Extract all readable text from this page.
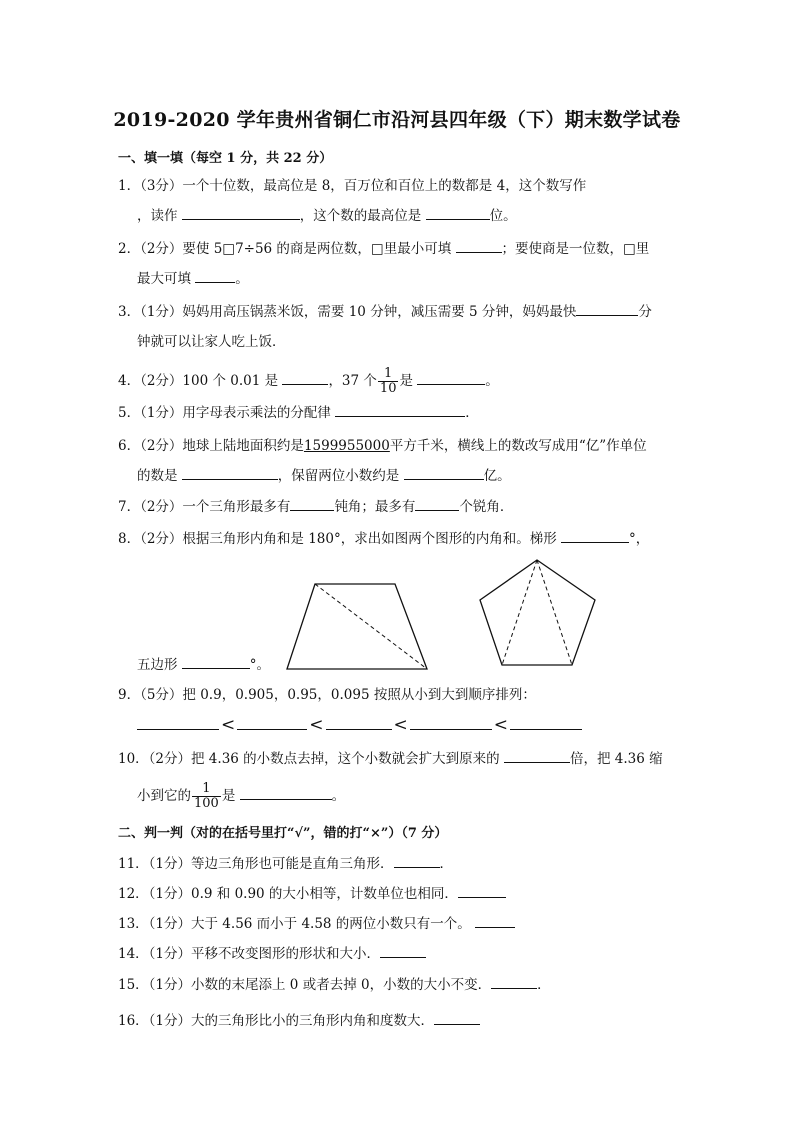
2019-2020 学年贵州省铜仁市沿河县四年级（下）期末数学试卷
一、填一填（每空 1 分，共 22 分）
1．（3分）一个十位数，最高位是 8，百万位和百位上的数都是 4，这个数写作
，读作	，这个数的最高位是	位。
2．（2分）要使 5□7÷56 的商是两位数，□里最小可填	；要使商是一位数，□里
最大可填	。
3．（1分）妈妈用高压锅蒸米饭，需要 10 分钟，减压需要 5 分钟，妈妈最快	分
钟就可以让家人吃上饭．
4．（2分）100 个 0.01 是	，37 个 $\frac{1}{10}$ 是	。
5．（1分）用字母表示乘法的分配律	．
6．（2分）地球上陆地面积约是1599955000平方千米，横线上的数改写成用“亿”作单位
的数是	，保留两位小数约是	亿。
7．（2分）一个三角形最多有	钝角；最多有	个锐角．
8．（2分）根据三角形内角和是 180°，求出如图两个图形的内角和。梯形	°，
五边形	°。
9．（5分）把 0.9，0.905，0.95，0.095 按照从小到大到顺序排列：
<	<	<	<
10．（2分）把 4.36 的小数点去掉，这个小数就会扩大到原来的	倍，把 4.36 缩
小到它的 $\frac{1}{100}$ 是	。
二、判一判（对的在括号里打“√”，错的打“×”）（7 分）
11．（1分）等边三角形也可能是直角三角形．	．
12．（1分）0.9 和 0.90 的大小相等，计数单位也相同．
13．（1分）大于 4.56 而小于 4.58 的两位小数只有一个。
14．（1分）平移不改变图形的形状和大小．
15．（1分）小数的末尾添上 0 或者去掉 0，小数的大小不变．	．
16．（1分）大的三角形比小的三角形内角和度数大．
